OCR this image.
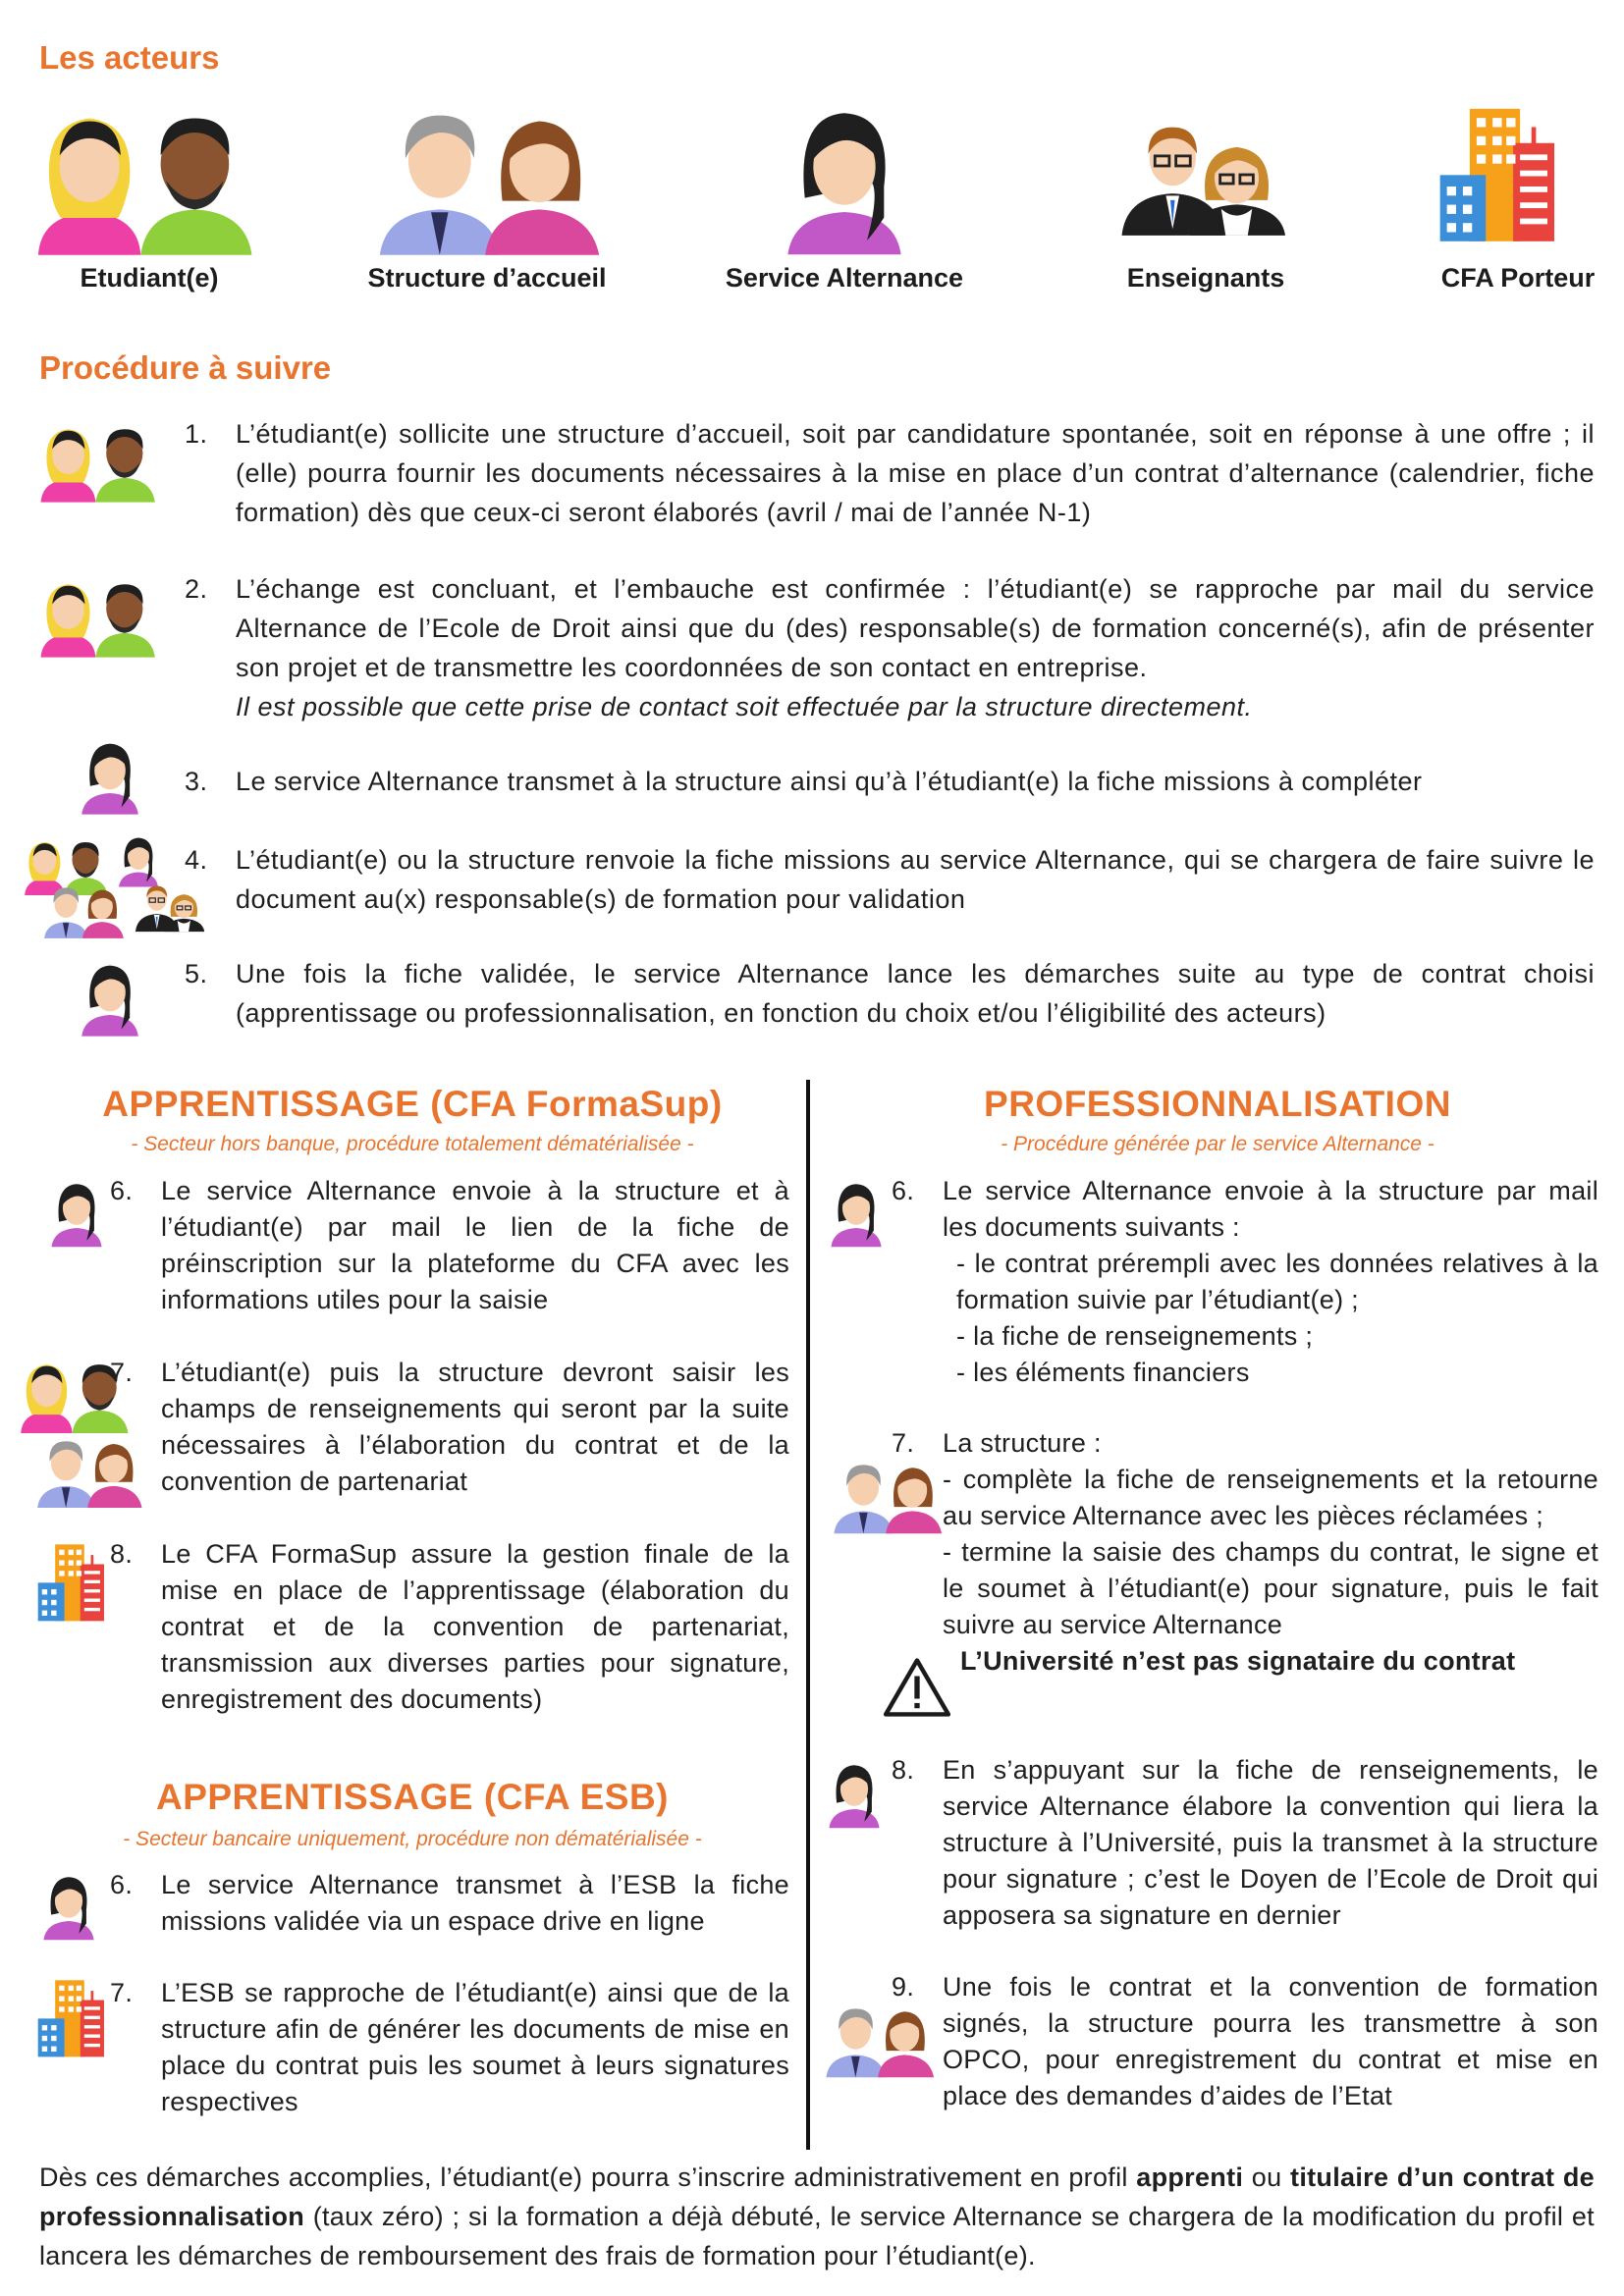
Les acteurs
Etudiant(e)	Structure d’accueil	Service Alternance	Enseignants	CFA Porteur
Procédure à suivre
1.	L’étudiant(e) sollicite une structure d’accueil, soit par candidature spontanée, soit en réponse à une offre ; il (elle) pourra fournir les documents nécessaires à la mise en place d’un contrat d’alternance (calendrier, fiche formation) dès que ceux-ci seront élaborés (avril / mai de l’année N-1)
2.	L’échange est concluant, et l’embauche est confirmée : l’étudiant(e) se rapproche par mail du service Alternance de l’Ecole de Droit ainsi que du (des) responsable(s) de formation concerné(s), afin de présenter son projet et de transmettre les coordonnées de son contact en entreprise.
Il est possible que cette prise de contact soit effectuée par la structure directement.
3.	Le service Alternance transmet à la structure ainsi qu’à l’étudiant(e) la fiche missions à compléter
4.	L’étudiant(e) ou la structure renvoie la fiche missions au service Alternance, qui se chargera de faire suivre le document au(x) responsable(s) de formation pour validation
5.	Une fois la fiche validée, le service Alternance lance les démarches suite au type de contrat choisi (apprentissage ou professionnalisation, en fonction du choix et/ou l’éligibilité des acteurs)
APPRENTISSAGE (CFA FormaSup)
- Secteur hors banque, procédure totalement dématérialisée -
6.	Le service Alternance envoie à la structure et à l’étudiant(e) par mail le lien de la fiche de préinscription sur la plateforme du CFA avec les informations utiles pour la saisie
7.	L’étudiant(e) puis la structure devront saisir les champs de renseignements qui seront par la suite nécessaires à l’élaboration du contrat et de la convention de partenariat
8.	Le CFA FormaSup assure la gestion finale de la mise en place de l’apprentissage (élaboration du contrat et de la convention de partenariat, transmission aux diverses parties pour signature, enregistrement des documents)
APPRENTISSAGE (CFA ESB)
- Secteur bancaire uniquement, procédure non dématérialisée -
6.	Le service Alternance transmet à l’ESB la fiche missions validée via un espace drive en ligne
7.	L’ESB se rapproche de l’étudiant(e) ainsi que de la structure afin de générer les documents de mise en place du contrat puis les soumet à leurs signatures respectives
PROFESSIONNALISATION
- Procédure générée par le service Alternance -
6.	Le service Alternance envoie à la structure par mail les documents suivants :
- le contrat prérempli avec les données relatives à la formation suivie par l’étudiant(e) ;
- la fiche de renseignements ;
- les éléments financiers
7.	La structure :
- complète la fiche de renseignements et la retourne au service Alternance avec les pièces réclamées ;
- termine la saisie des champs du contrat, le signe et le soumet à l’étudiant(e) pour signature, puis le fait suivre au service Alternance
L’Université n’est pas signataire du contrat
8.	En s’appuyant sur la fiche de renseignements, le service Alternance élabore la convention qui liera la structure à l’Université, puis la transmet à la structure pour signature ; c’est le Doyen de l’Ecole de Droit qui apposera sa signature en dernier
9.	Une fois le contrat et la convention de formation signés, la structure pourra les transmettre à son OPCO, pour enregistrement du contrat et mise en place des demandes d’aides de l’Etat
Dès ces démarches accomplies, l’étudiant(e) pourra s’inscrire administrativement en profil apprenti ou titulaire d’un contrat de professionnalisation (taux zéro) ; si la formation a déjà débuté, le service Alternance se chargera de la modification du profil et lancera les démarches de remboursement des frais de formation pour l’étudiant(e).
